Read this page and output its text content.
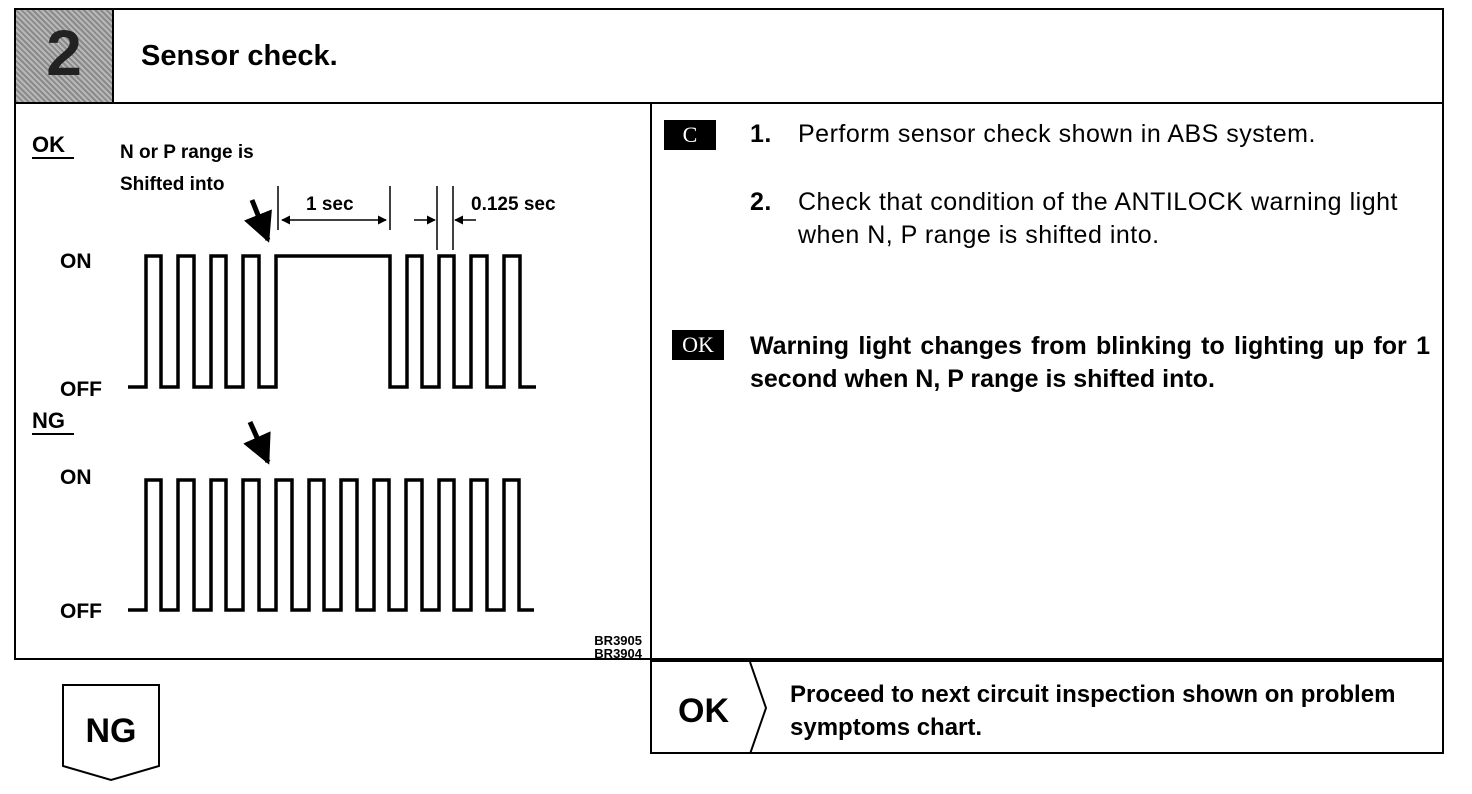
2	Sensor check.
OK	N or P range is
Shifted into
1 sec	0.125 sec
ON
OFF
NG
ON
OFF
BR3905
BR3904
C	1. Perform sensor check shown in ABS system.
2. Check that condition of the ANTILOCK warning light when N, P range is shifted into.
OK	Warning light changes from blinking to lighting up for 1 second when N, P range is shifted into.
OK	Proceed to next circuit inspection shown on problem symptoms chart.
NG
